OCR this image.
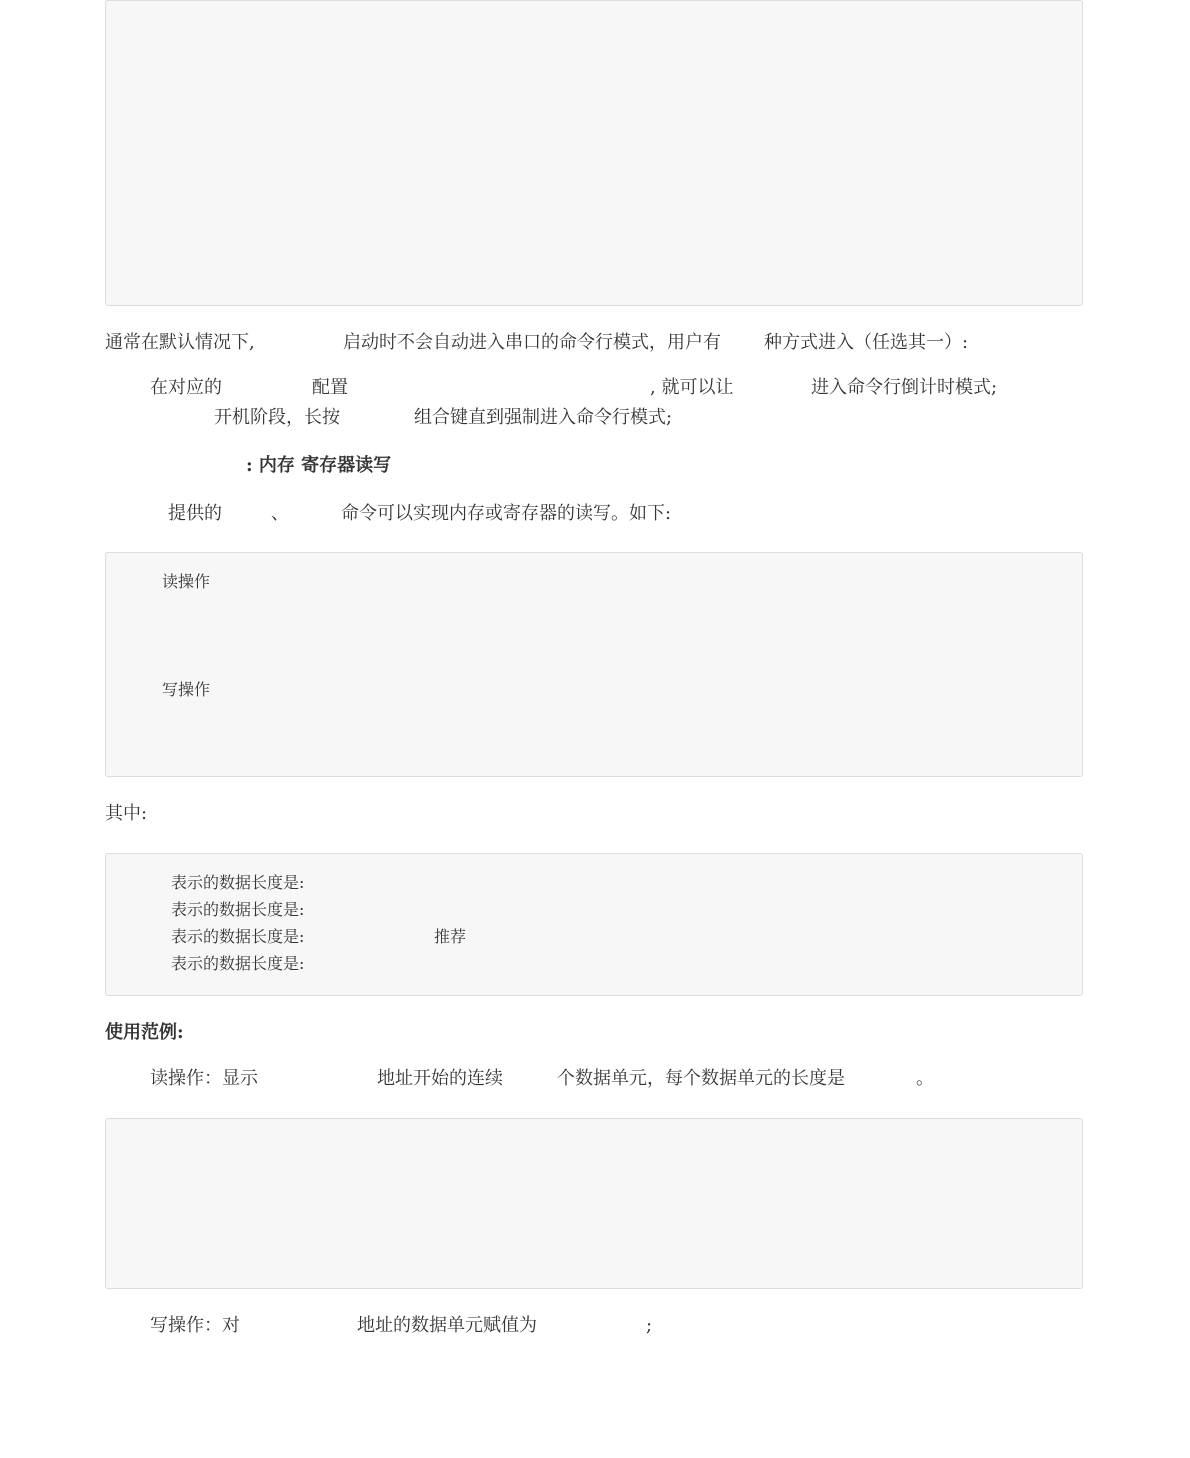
通常在默认情况下,	启动时不会自动进入串口的命令行模式，用户有 种方式进入（任选其一）:
在对应的	配置	, 就可以让	进入命令行倒计时模式;
开机阶段，长按	组合键直到强制进入命令行模式;
: 内存 寄存器读写
提供的	、	命令可以实现内存或寄存器的读写。如下:
读操作
写操作
其中:
表示的数据长度是:
表示的数据长度是:
表示的数据长度是:	推荐
表示的数据长度是:
使用范例:
读操作：显示	地址开始的连续	个数据单元，每个数据单元的长度是	。
写操作：对	地址的数据单元赋值为	;
